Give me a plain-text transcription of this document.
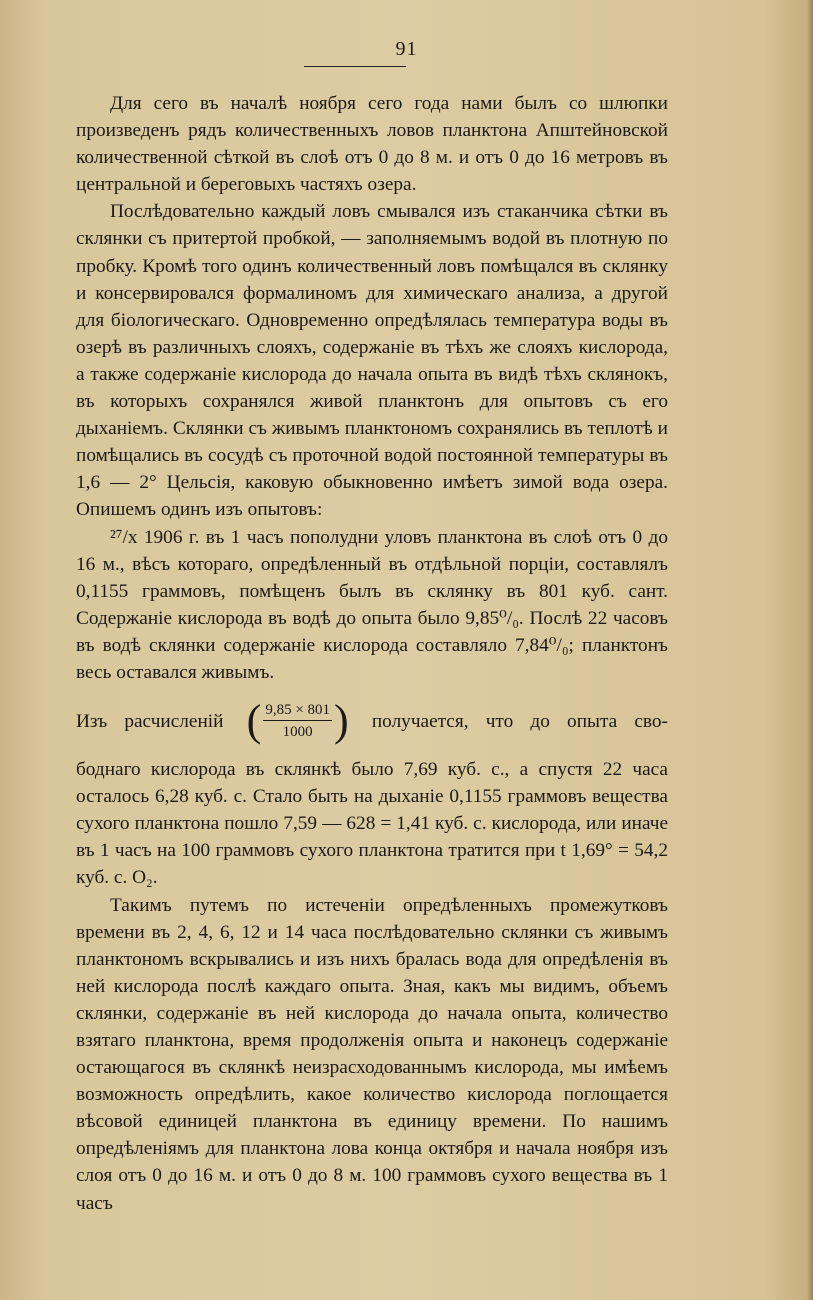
91

Для сего въ началѣ ноября сего года нами былъ со шлюпки произведенъ рядъ количественныхъ ловов планктона Апштейновской количественной сѣткой въ слоѣ отъ 0 до 8 м. и отъ 0 до 16 метровъ въ центральной и береговыхъ частяхъ озера.

Послѣдовательно каждый ловъ смывался изъ стаканчика сѣтки въ склянки съ притертой пробкой, — заполняемымъ водой въ плотную по пробку. Кромѣ того одинъ количественный ловъ помѣщался въ склянку и консервировался формалиномъ для химическаго анализа, а другой для біологическаго. Одновременно опредѣлялась температура воды въ озерѣ въ различныхъ слояхъ, содержаніе въ тѣхъ же слояхъ кислорода, а также содержаніе кислорода до начала опыта въ видѣ тѣхъ склянокъ, въ которыхъ сохранялся живой планктонъ для опытовъ съ его дыханіемъ. Склянки съ живымъ планктономъ сохранялись въ теплотѣ и помѣщались въ сосудѣ съ проточной водой постоянной температуры въ 1,6 — 2° Цельсія, каковую обыкновенно имѣетъ зимой вода озера. Опишемъ одинъ изъ опытовъ:

²⁷/x 1906 г. въ 1 часъ пополудни уловъ планктона въ слоѣ отъ 0 до 16 м., вѣсъ котораго, опредѣленный въ отдѣльной порціи, составлялъ 0,1155 граммовъ, помѣщенъ былъ въ склянку въ 801 куб. сант. Содержаніе кислорода въ водѣ до опыта было 9,85⁰/₀. Послѣ 22 часовъ въ водѣ склянки содержаніе кислорода составляло 7,84⁰/₀; планктонъ весь оставался живымъ.

Изъ расчисленій ( $\frac{9,85 \times 801}{1000}$ ) получается, что до опыта сво-

боднаго кислорода въ склянкѣ было 7,69 куб. с., а спустя 22 часа осталось 6,28 куб. с. Стало быть на дыханіе 0,1155 граммовъ вещества сухого планктона пошло 7,59 — 628 = 1,41 куб. с. кислорода, или иначе въ 1 часъ на 100 граммовъ сухого планктона тратится при t 1,69° = 54,2 куб. с. O₂.

Такимъ путемъ по истеченіи опредѣленныхъ промежутковъ времени въ 2, 4, 6, 12 и 14 часа послѣдовательно склянки съ живымъ планктономъ вскрывались и изъ нихъ бралась вода для опредѣленія въ ней кислорода послѣ каждаго опыта. Зная, какъ мы видимъ, объемъ склянки, содержаніе въ ней кислорода до начала опыта, количество взятаго планктона, время продолженія опыта и наконецъ содержаніе остающагося въ склянкѣ неизрасходованнымъ кислорода, мы имѣемъ возможность опредѣлить, какое количество кислорода поглощается вѣсовой единицей планктона въ единицу времени. По нашимъ опредѣленіямъ для планктона лова конца октября и начала ноября изъ слоя отъ 0 до 16 м. и отъ 0 до 8 м. 100 граммовъ сухого вещества въ 1 часъ
